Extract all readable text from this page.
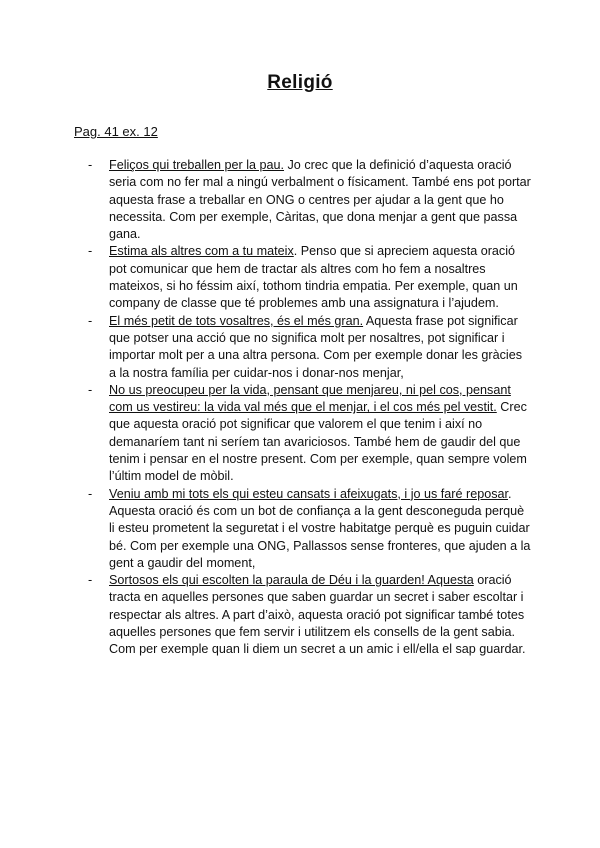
Religió
Pag. 41 ex. 12
- Feliços qui treballen per la pau. Jo crec que la definició d’aquesta oració seria com no fer mal a ningú verbalment o físicament. També ens pot portar aquesta frase a treballar en ONG o centres per ajudar a la gent que ho necessita. Com per exemple, Càritas, que dona menjar a gent que passa gana.
- Estima als altres com a tu mateix. Penso que si apreciem aquesta oració pot comunicar que hem de tractar als altres com ho fem a nosaltres mateixos, si ho féssim així, tothom tindria empatia. Per exemple, quan un company de classe que té problemes amb una assignatura i l’ajudem.
- El més petit de tots vosaltres, és el més gran. Aquesta frase pot significar que potser una acció que no significa molt per nosaltres, pot significar i importar molt per a una altra persona. Com per exemple donar les gràcies a la nostra família per cuidar-nos i donar-nos menjar,
- No us preocupeu per la vida, pensant que menjareu, ni pel cos, pensant com us vestireu: la vida val més que el menjar, i el cos més pel vestit. Crec que aquesta oració pot significar que valorem el que tenim i així no demanaríem tant ni seríem tan avariciosos. També hem de gaudir del que tenim i pensar en el nostre present. Com per exemple, quan sempre volem l’últim model de mòbil.
- Veniu amb mi tots els qui esteu cansats i afeixugats, i jo us faré reposar. Aquesta oració és com un bot de confiança a la gent desconeguda perquè li esteu prometent la seguretat i el vostre habitatge perquè es puguin cuidar bé. Com per exemple una ONG, Pallassos sense fronteres, que ajuden a la gent a gaudir del moment,
- Sortosos els qui escolten la paraula de Déu i la guarden! Aquesta oració tracta en aquelles persones que saben guardar un secret i saber escoltar i respectar als altres. A part d’això, aquesta oració pot significar també totes aquelles persones que fem servir i utilitzem els consells de la gent sabia. Com per exemple quan li diem un secret a un amic i ell/ella el sap guardar.
